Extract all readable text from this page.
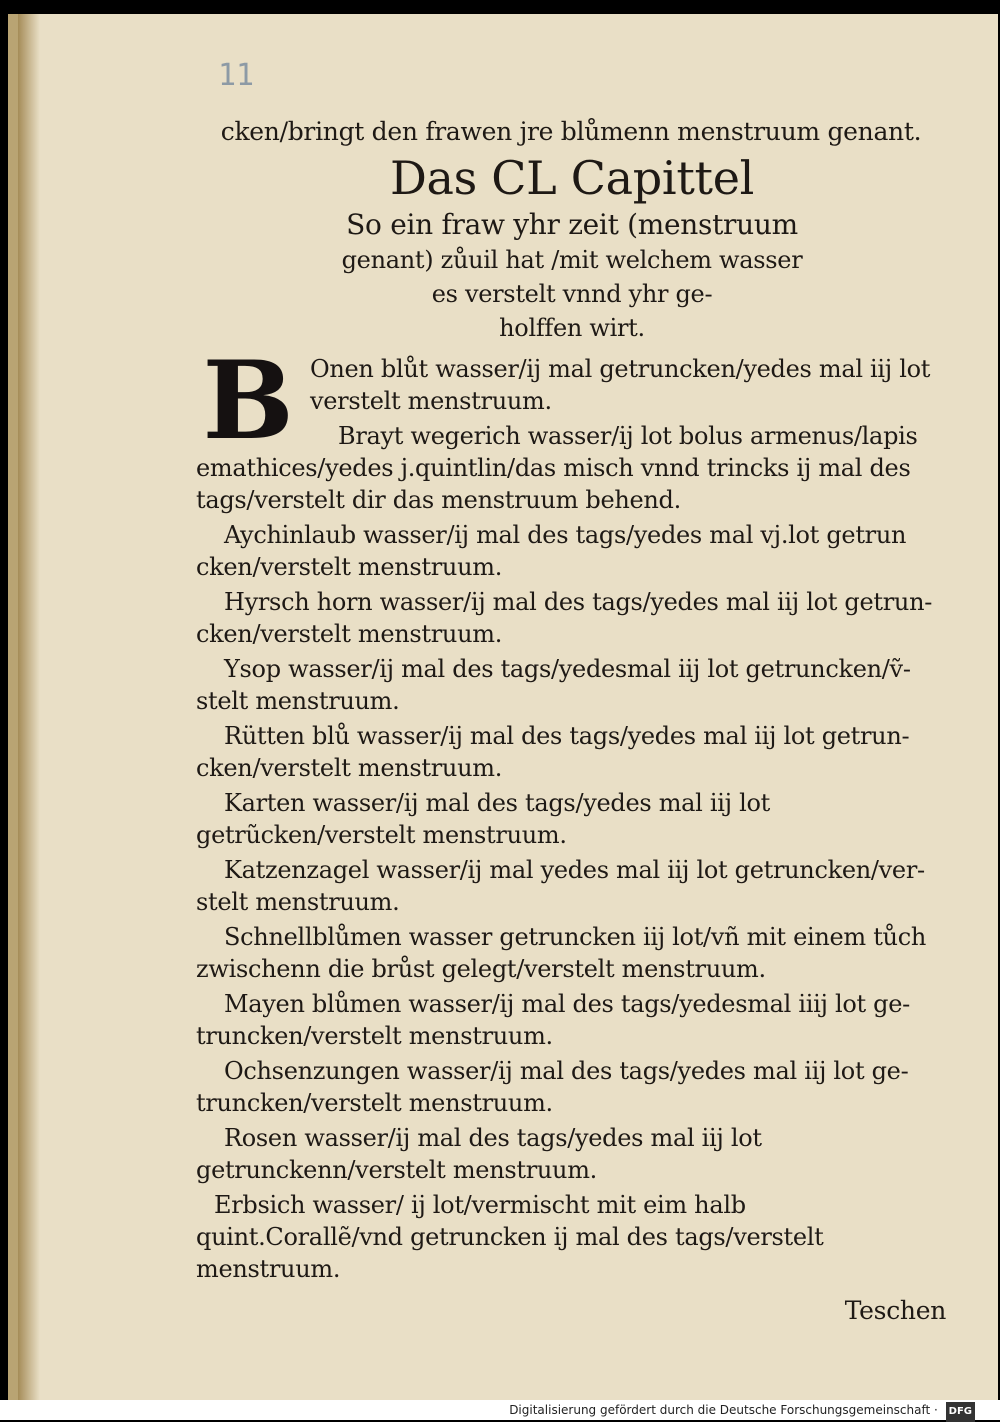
11
cken/bringt den frawen jre blůmenn menstruum genant.
Das CL Capittel
So ein fraw yhr zeit (menstruum
genant) zůuil hat /mit welchem wasser
es verstelt vnnd yhr ge-
holffen wirt.
B Onen blůt wasser/ij mal getruncken/yedes mal iij lot verstelt menstruum.
Brayt wegerich wasser/ij lot bolus armenus/lapis emathices/yedes j.quintlin/das misch vnnd trincks ij mal des tags/verstelt dir das menstruum behend.
Aychinlaub wasser/ij mal des tags/yedes mal vj.lot getrun cken/verstelt menstruum.
Hyrsch horn wasser/ij mal des tags/yedes mal iij lot getrun-cken/verstelt menstruum.
Ysop wasser/ij mal des tags/yedesmal iij lot getruncken/ṽ-stelt menstruum.
Rütten blů wasser/ij mal des tags/yedes mal iij lot getrun-cken/verstelt menstruum.
Karten wasser/ij mal des tags/yedes mal iij lot getrũcken/verstelt menstruum.
Katzenzagel wasser/ij mal yedes mal iij lot getruncken/ver-stelt menstruum.
Schnellblůmen wasser getruncken iij lot/vñ mit einem tůch zwischenn die brůst gelegt/verstelt menstruum.
Mayen blůmen wasser/ij mal des tags/yedesmal iiij lot ge-truncken/verstelt menstruum.
Ochsenzungen wasser/ij mal des tags/yedes mal iij lot ge-truncken/verstelt menstruum.
Rosen wasser/ij mal des tags/yedes mal iij lot getrunckenn/verstelt menstruum.
Erbsich wasser/ ij lot/vermischt mit eim halb quint.Corallẽ/vnd getruncken ij mal des tags/verstelt menstruum.
Teschen
Digitalisierung gefördert durch die Deutsche Forschungsgemeinschaft · DFG
